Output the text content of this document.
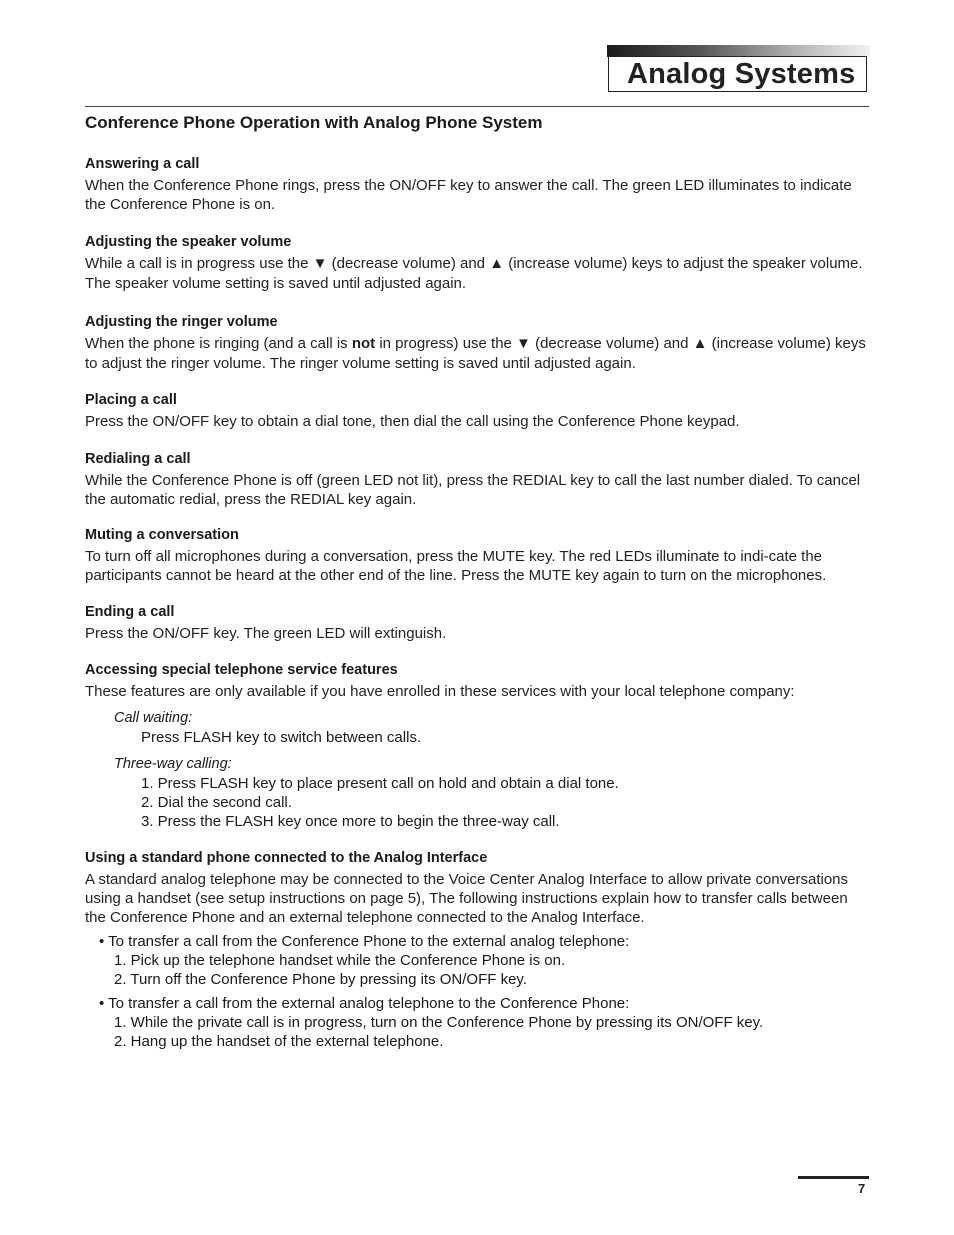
Analog Systems
Conference Phone Operation with Analog Phone System
Answering a call

When the Conference Phone rings, press the ON/OFF key to answer the call. The green LED illuminates to indicate the Conference Phone is on.

Adjusting the speaker volume

While a call is in progress use the ▼ (decrease volume) and ▲ (increase volume) keys to adjust the speaker volume. The speaker volume setting is saved until adjusted again.

Adjusting the ringer volume

When the phone is ringing (and a call is not in progress) use the ▼ (decrease volume) and ▲ (increase volume) keys to adjust the ringer volume. The ringer volume setting is saved until adjusted again.

Placing a call

Press the ON/OFF key to obtain a dial tone, then dial the call using the Conference Phone keypad.

Redialing a call

While the Conference Phone is off (green LED not lit), press the REDIAL key to call the last number dialed. To cancel the automatic redial, press the REDIAL key again.

Muting a conversation

To turn off all microphones during a conversation, press the MUTE key. The red LEDs illuminate to indi-cate the participants cannot be heard at the other end of the line. Press the MUTE key again to turn on the microphones.

Ending a call

Press the ON/OFF key. The green LED will extinguish.

Accessing special telephone service features

These features are only available if you have enrolled in these services with your local telephone company:

Call waiting:
Press FLASH key to switch between calls.
Three-way calling:
1. Press FLASH key to place present call on hold and obtain a dial tone.
2. Dial the second call.
3. Press the FLASH key once more to begin the three-way call.
Using a standard phone connected to the Analog Interface

A standard analog telephone may be connected to the Voice Center Analog Interface to allow private conversations using a handset (see setup instructions on page 5), The following instructions explain how to transfer calls between the Conference Phone and an external telephone connected to the Analog Interface.

• To transfer a call from the Conference Phone to the external analog telephone:
1. Pick up the telephone handset while the Conference Phone is on.
2. Turn off the Conference Phone by pressing its ON/OFF key.
• To transfer a call from the external analog telephone to the Conference Phone:
1. While the private call is in progress, turn on the Conference Phone by pressing its ON/OFF key.
2. Hang up the handset of the external telephone.
7
